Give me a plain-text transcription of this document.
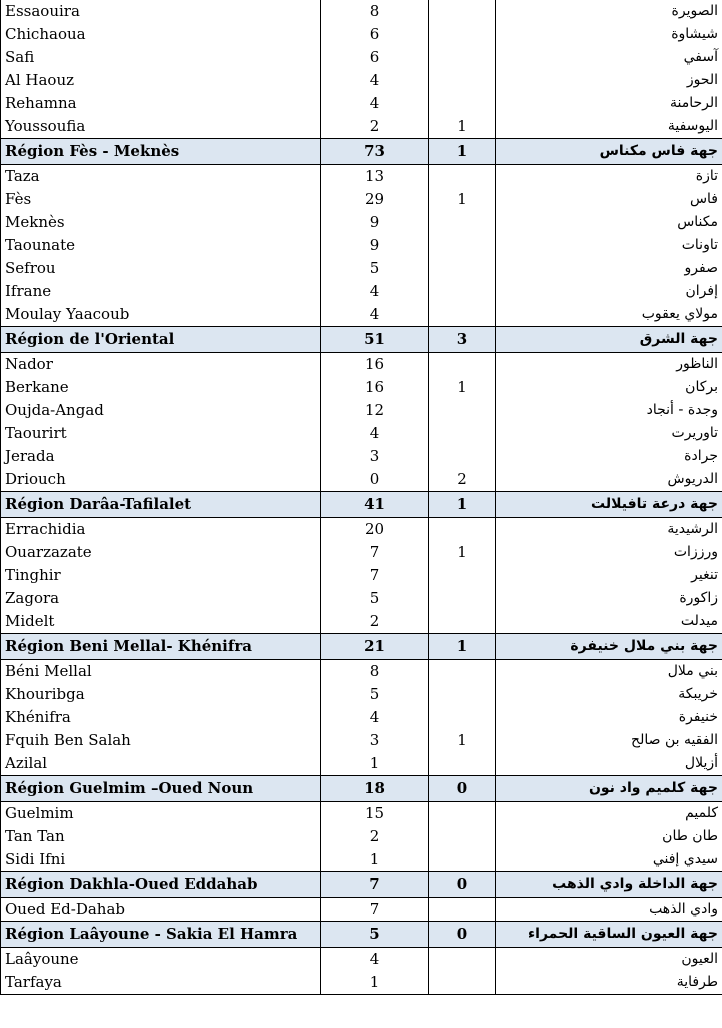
Essaouira	8		الصويرة
Chichaoua	6		شيشاوة
Safi	6		آسفي
Al Haouz	4		الحوز
Rehamna	4		الرحامنة
Youssoufia	2	1	اليوسفية
Région Fès - Meknès	73	1	جهة فاس مكناس
Taza	13		تازة
Fès	29	1	فاس
Meknès	9		مكناس
Taounate	9		تاونات
Sefrou	5		صفرو
Ifrane	4		إفران
Moulay Yaacoub	4		مولاي يعقوب
Région de l'Oriental	51	3	جهة الشرق
Nador	16		الناظور
Berkane	16	1	بركان
Oujda-Angad	12		وجدة - أنجاد
Taourirt	4		تاوريرت
Jerada	3		جرادة
Driouch	0	2	الدريوش
Région Darâa-Tafilalet	41	1	جهة درعة تافيلالت
Errachidia	20		الرشيدية
Ouarzazate	7	1	ورززات
Tinghir	7		تنغير
Zagora	5		زاكورة
Midelt	2		ميدلت
Région Beni Mellal- Khénifra	21	1	جهة بني ملال خنيفرة
Béni Mellal	8		بني ملال
Khouribga	5		خريبكة
Khénifra	4		خنيفرة
Fquih Ben Salah	3	1	الفقيه بن صالح
Azilal	1		أزيلال
Région Guelmim –Oued Noun	18	0	جهة كلميم واد نون
Guelmim	15		كلميم
Tan Tan	2		طان طان
Sidi Ifni	1		سيدي إفني
Région Dakhla-Oued Eddahab	7	0	جهة الداخلة وادي الذهب
Oued Ed-Dahab	7		وادي الذهب
Région Laâyoune - Sakia El Hamra	5	0	جهة العيون الساقية الحمراء
Laâyoune	4		العيون
Tarfaya	1		طرفاية
